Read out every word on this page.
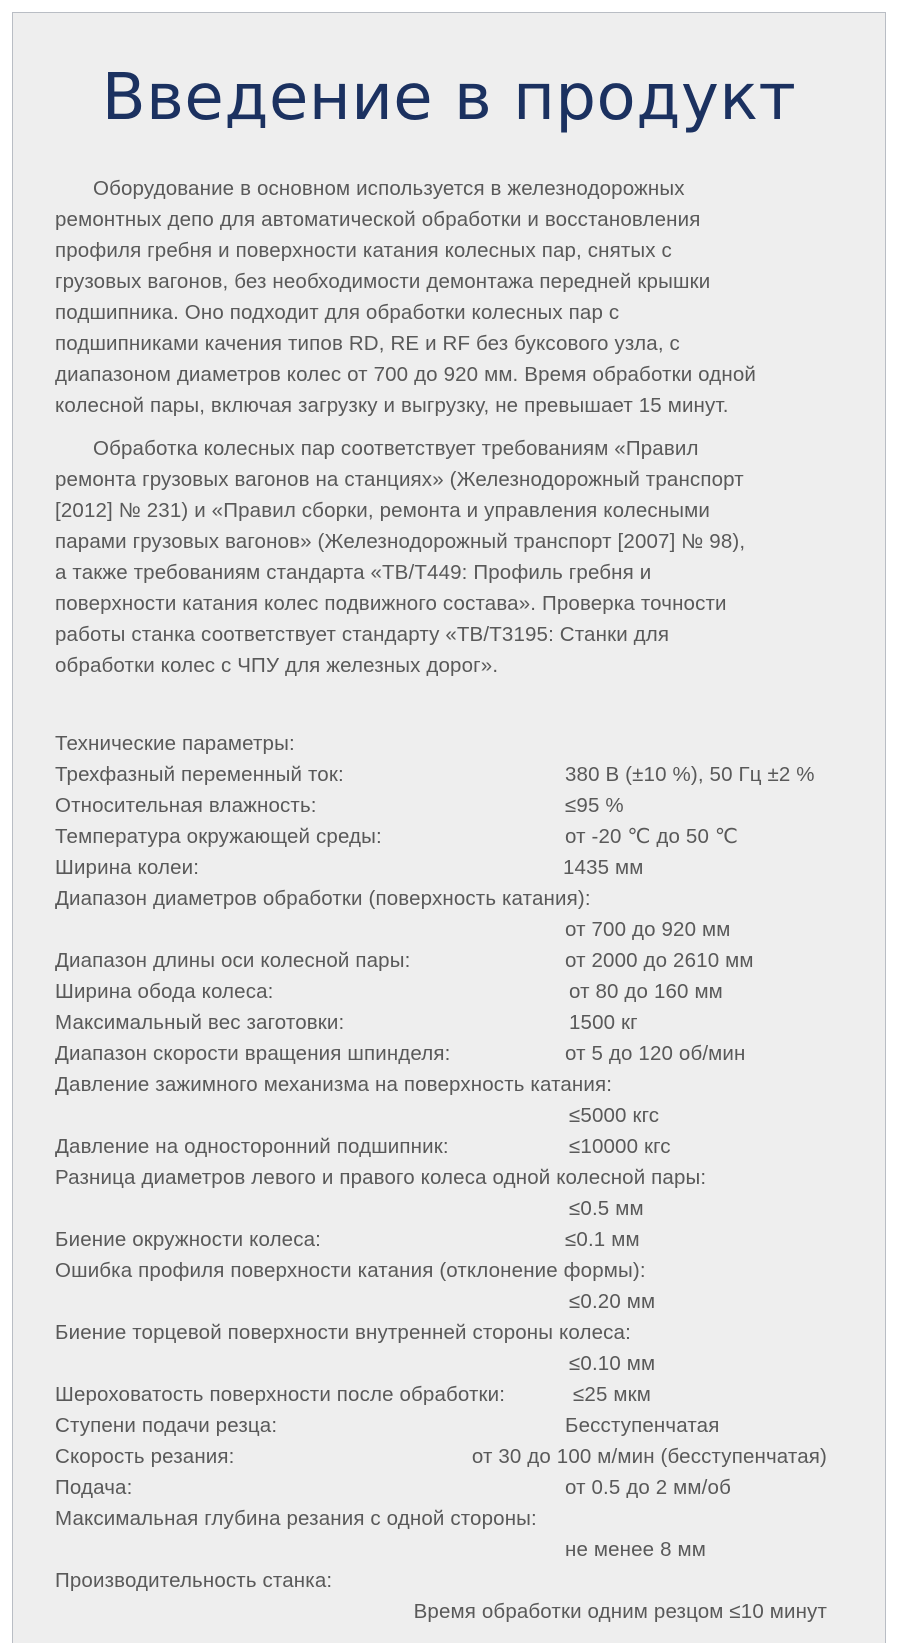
Введение в продукт
Оборудование в основном используется в железнодорожных
ремонтных депо для автоматической обработки и восстановления
профиля гребня и поверхности катания колесных пар, снятых с
грузовых вагонов, без необходимости демонтажа передней крышки
подшипника. Оно подходит для обработки колесных пар с
подшипниками качения типов RD, RE и RF без буксового узла, с
диапазоном диаметров колес от 700 до 920 мм. Время обработки одной
колесной пары, включая загрузку и выгрузку, не превышает 15 минут.
Обработка колесных пар соответствует требованиям «Правил
ремонта грузовых вагонов на станциях» (Железнодорожный транспорт
[2012] № 231) и «Правил сборки, ремонта и управления колесными
парами грузовых вагонов» (Железнодорожный транспорт [2007] № 98),
а также требованиям стандарта «TB/T449: Профиль гребня и
поверхности катания колес подвижного состава». Проверка точности
работы станка соответствует стандарту «TB/T3195: Станки для
обработки колес с ЧПУ для железных дорог».
Технические параметры:
Трехфазный переменный ток:	380 В (±10 %), 50 Гц ±2 %
Относительная влажность:	≤95 %
Температура окружающей среды:	от -20 ℃ до 50 ℃
Ширина колеи:	1435 мм
Диапазон диаметров обработки (поверхность катания):
от 700 до 920 мм
Диапазон длины оси колесной пары:	от 2000 до 2610 мм
Ширина обода колеса:	от 80 до 160 мм
Максимальный вес заготовки:	1500 кг
Диапазон скорости вращения шпинделя:	от 5 до 120 об/мин
Давление зажимного механизма на поверхность катания:
≤5000 кгс
Давление на односторонний подшипник:	≤10000 кгс
Разница диаметров левого и правого колеса одной колесной пары:
≤0.5 мм
Биение окружности колеса:	≤0.1 мм
Ошибка профиля поверхности катания (отклонение формы):
≤0.20 мм
Биение торцевой поверхности внутренней стороны колеса:
≤0.10 мм
Шероховатость поверхности после обработки:	≤25 мкм
Ступени подачи резца:	Бесступенчатая
Скорость резания:	от 30 до 100 м/мин (бесступенчатая)
Подача:	от 0.5 до 2 мм/об
Максимальная глубина резания с одной стороны:
не менее 8 мм
Производительность станка:
Время обработки одним резцом ≤10 минут
